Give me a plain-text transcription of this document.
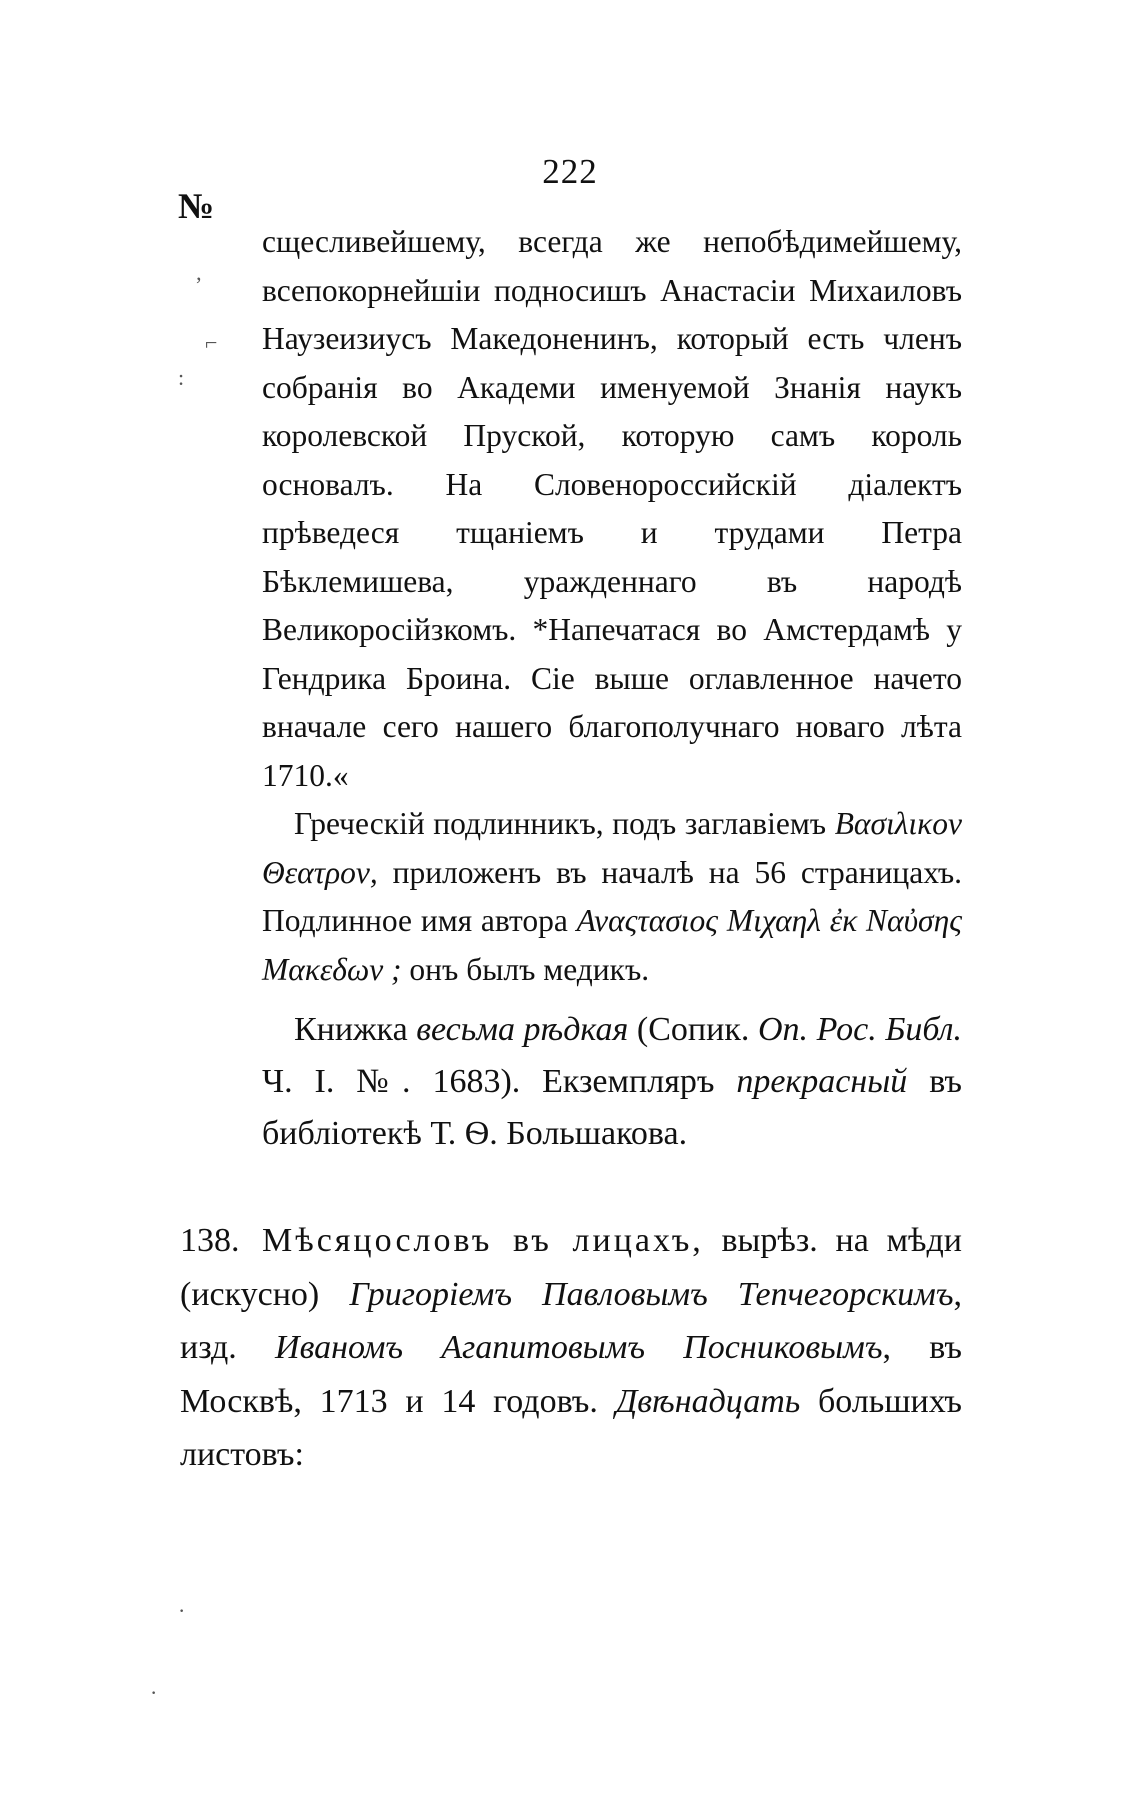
222
№
‚
⌐
:

сщесливейшему, всегда же непобѣдимейшему, всепокорнейшіи подносишъ Анастасіи Михаиловъ Наузеизиусъ Македоненинъ, который есть членъ собранія во Академи именуемой Знанія наукъ королевской Пруской, которую самъ король основалъ. На Словенороссийскій діалектъ прѣведеся тщаніемъ и трудами Петра Бѣклемишева, уражденнаго въ народѣ Великоросійзкомъ. *Напечатася во Амстердамѣ у Гендрика Броина. Сіе выше оглавленное начето вначале сего нашего благополучнаго новаго лѣта 1710.«

Греческій подлинникъ, подъ заглавіемъ Βασιλικον Θεατρον, приложенъ въ началѣ на 56 страницахъ. Подлинное имя автора Αναςτασιος Μιχαηλ ἐκ Ναὐσης Μακεδων ; онъ былъ медикъ.

Книжка весьма рѣдкая (Сопик. Оп. Рос. Библ. Ч. I. №. 1683). Екземпляръ прекрасный въ библіотекѣ Т. Ѳ. Большакова.

138. Мѣсяцословъ въ лицахъ, вырѣз. на мѣди (искусно) Григоріемъ Павловымъ Тепчегорскимъ, изд. Иваномъ Агапитовымъ Посниковымъ, въ Москвѣ, 1713 и 14 годовъ. Двѣнадцать большихъ листовъ:
·
·
